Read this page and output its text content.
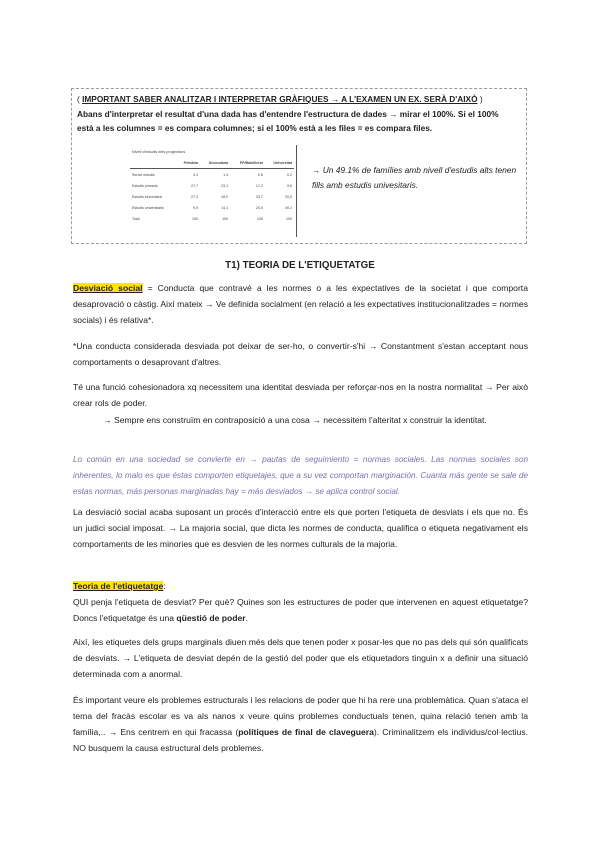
( IMPORTANT SABER ANALITZAR I INTERPRETAR GRÀFIQUES → A L'EXAMEN UN EX. SERÀ D'AIXÒ )
Abans d'interpretar el resultat d'una dada has d'entendre l'estructura de dades → mirar el 100%. Si el 100%
està a les columnes = es compara columnes; si el 100% està a les files = es compara files.
Nivell d'estudis dels progenitors				
	Primària	Secundària	FP/Batxillerat	Universitat
Sense estudis	3,4	1,4	0,8	0,2
Estudis primaris	27,7	23,1	17,2	9,6
Estudis secundaris	27,3	28,0	33,7	20,5
Estudis universitaris	9,9	14,1	25,0	49,1
Total	100	100	100	100
→ Un 49.1% de famílies amb nivell d'estudis alts tenen fills amb estudis univesitaris.
T1) TEORIA DE L'ETIQUETATGE
Desviació social = Conducta que contravé a les normes o a les expectatives de la societat i que comporta desaprovació o càstig. Així mateix → Ve definida socialment (en relació a les expectatives institucionalitzades = normes socials) i és relativa*.
*Una conducta considerada desviada pot deixar de ser-ho, o convertir-s'hi → Constantment s'estan acceptant nous comportaments o desaprovant d'altres.
Té una funció cohesionadora xq necessitem una identitat desviada per reforçar-nos en la nostra normalitat → Per això crear rols de poder.
→ Sempre ens construïm en contraposició a una cosa → necessitem l'alteritat x construir la identitat.
Lo común en una sociedad se convierte en → pautas de seguimiento = normas sociales. Las normas sociales son inherentes, lo malo es que éstas comporten etiquetajes, que a su vez comportan marginación. Cuanta más gente se sale de estas normas, más personas marginadas hay = más desviados → se aplica control social.
La desviació social acaba suposant un procés d'interacció entre els que porten l'etiqueta de desviats i els que no. És un judici social imposat. → La majoria social, que dicta les normes de conducta, qualifica o etiqueta negativament els comportaments de les minories que es desvien de les normes culturals de la majoria.
Teoria de l'etiquetatge:
QUI penja l'etiqueta de desviat? Per què? Quines son les estructures de poder que intervenen en aquest etiquetatge? Doncs l'etiquetatge és una qüestió de poder.
Així, les etiquetes dels grups marginals diuen més dels que tenen poder x posar-les que no pas dels qui són qualificats de desviats. → L'etiqueta de desviat depén de la gestió del poder que els etiquetadors tinguin x a definir una situació determinada com a anormal.
És important veure els problemes estructurals i les relacions de poder que hi ha rere una problemàtica. Quan s'ataca el tema del fracàs escolar es va als nanos x veure quins problemes conductuals tenen, quina relació tenen amb la família,.. → Ens centrem en qui fracassa (polítiques de final de claveguera). Criminalitzem els individus/col·lectius. NO busquem la causa estructural dels problemes.
